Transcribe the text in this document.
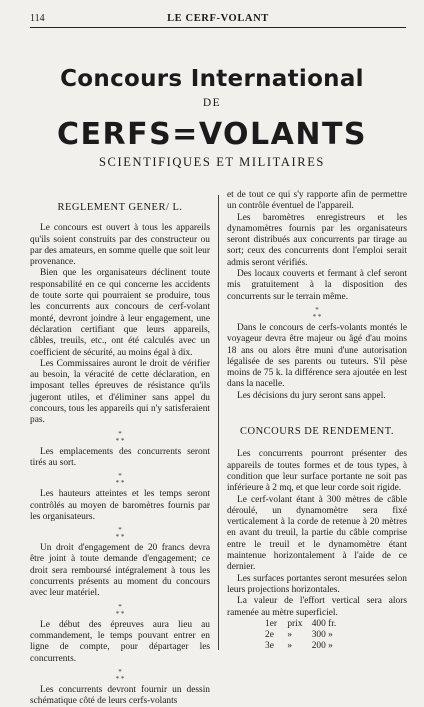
114	LE CERF-VOLANT
Concours International
DE
CERFS=VOLANTS
SCIENTIFIQUES ET MILITAIRES
REGLEMENT GENER/ L.

Le concours est ouvert à tous les appareils qu'ils soient construits par des constructeur ou par des amateurs, en somme quelle que soit leur provenance.

Bien que les organisateurs déclinent toute responsabilité en ce qui concerne les accidents de toute sorte qui pourraient se produire, tous les concurrents aux concours de cerf-volant monté, devront joindre à leur engagement, une déclaration certifiant que leurs appareils, câbles, treuils, etc., ont été calculés avec un coefficient de sécurité, au moins égal à dix.

Les Commissaires auront le droit de vérifier au besoin, la véracité de cette déclaration, en imposant telles épreuves de résistance qu'ils jugeront utiles, et d'éliminer sans appel du concours, tous les appareils qui n'y satisferaient pas.

*
* *

Les emplacements des concurrents seront tirés au sort.

*
* *

Les hauteurs atteintes et les temps seront contrôlés au moyen de baromètres fournis par les organisateurs.

*
* *

Un droit d'engagement de 20 francs devra être joint à toute demande d'engagement; ce droit sera remboursé intégralement à tous les concurrents présents au moment du concours avec leur matériel.

*
* *

Le début des épreuves aura lieu au commandement, le temps pouvant entrer en ligne de compte, pour départager les concurrents.

*
* *

Les concurrents devront fournir un dessin schématique côté de leurs cerfs-volants

et de tout ce qui s'y rapporte afin de permettre un contrôle éventuel de l'appareil.

Les baromètres enregistreurs et les dynamomètres fournis par les organisateurs seront distribués aux concurrents par tirage au sort; ceux des concurrents dont l'emploi serait admis seront vérifiés.

Des locaux couverts et fermant à clef seront mis gratuitement à la disposition des concurrents sur le terrain même.

*
* *

Dans le concours de cerfs-volants montés le voyageur devra être majeur ou âgé d'au moins 18 ans ou alors être muni d'une autorisation légalisée de ses parents ou tuteurs. S'il pèse moins de 75 k. la différence sera ajoutée en lest dans la nacelle.

Les décisions du jury seront sans appel.

CONCOURS DE RENDEMENT.

Les concurrents pourront présenter des appareils de toutes formes et de tous types, à condition que leur surface portante ne soit pas inférieure à 2 mq, et que leur corde soit rigide.

Le cerf-volant étant à 300 mètres de câble déroulé, un dynamomètre sera fixé verticalement à la corde de retenue à 20 mètres en avant du treuil, la partie du câble comprise entre le treuil et le dynamomètre étant maintenue horizontalement à l'aide de ce dernier.

Les surfaces portantes seront mesurées selon leurs projections horizontales.

La valeur de l'effort vertical sera alors ramenée au mètre superficiel.

1er prix 400 fr.

2e » 300 »

3e » 200 »
